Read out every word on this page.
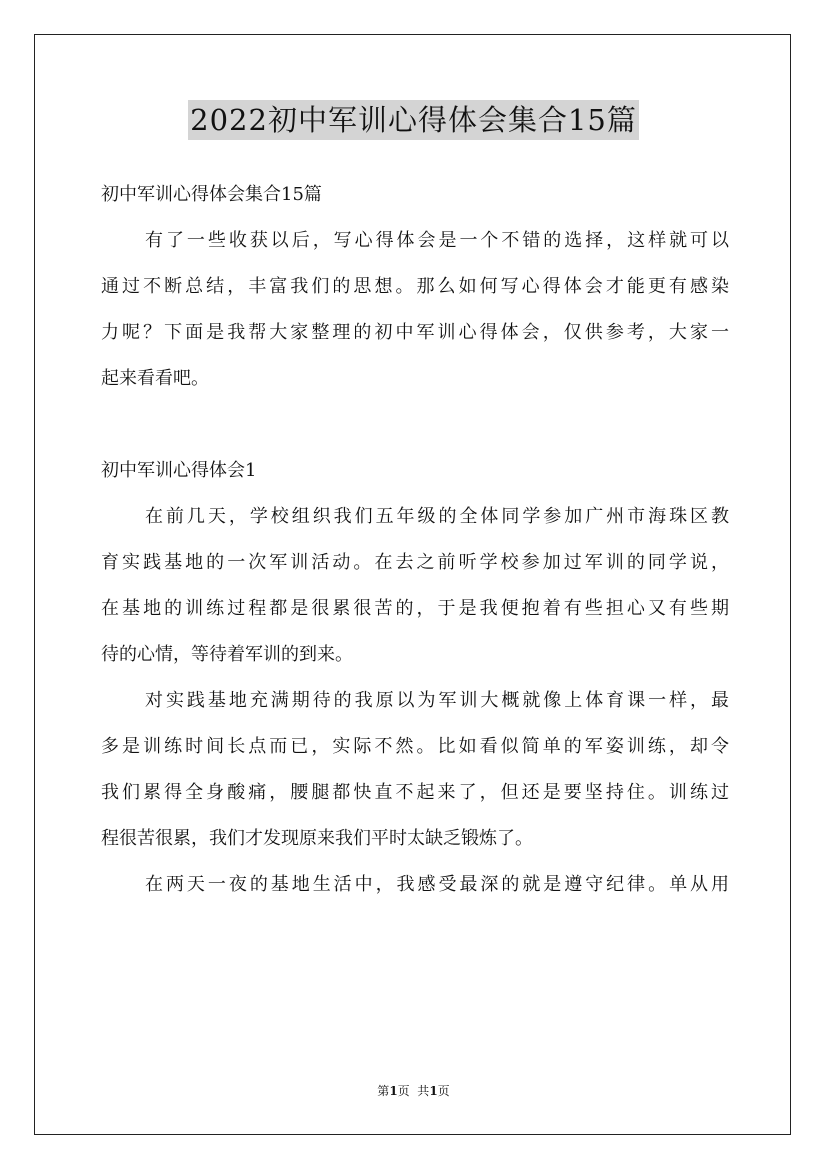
2022初中军训心得体会集合15篇

初中军训心得体会集合15篇

有了一些收获以后，写心得体会是一个不错的选择，这样就可以

通过不断总结，丰富我们的思想。那么如何写心得体会才能更有感染

力呢？下面是我帮大家整理的初中军训心得体会，仅供参考，大家一

起来看看吧。

初中军训心得体会1

在前几天，学校组织我们五年级的全体同学参加广州市海珠区教

育实践基地的一次军训活动。在去之前听学校参加过军训的同学说，

在基地的训练过程都是很累很苦的，于是我便抱着有些担心又有些期

待的心情，等待着军训的到来。

对实践基地充满期待的我原以为军训大概就像上体育课一样，最

多是训练时间长点而已，实际不然。比如看似简单的军姿训练，却令

我们累得全身酸痛，腰腿都快直不起来了，但还是要坚持住。训练过

程很苦很累，我们才发现原来我们平时太缺乏锻炼了。

在两天一夜的基地生活中，我感受最深的就是遵守纪律。单从用

第1页  共1页
